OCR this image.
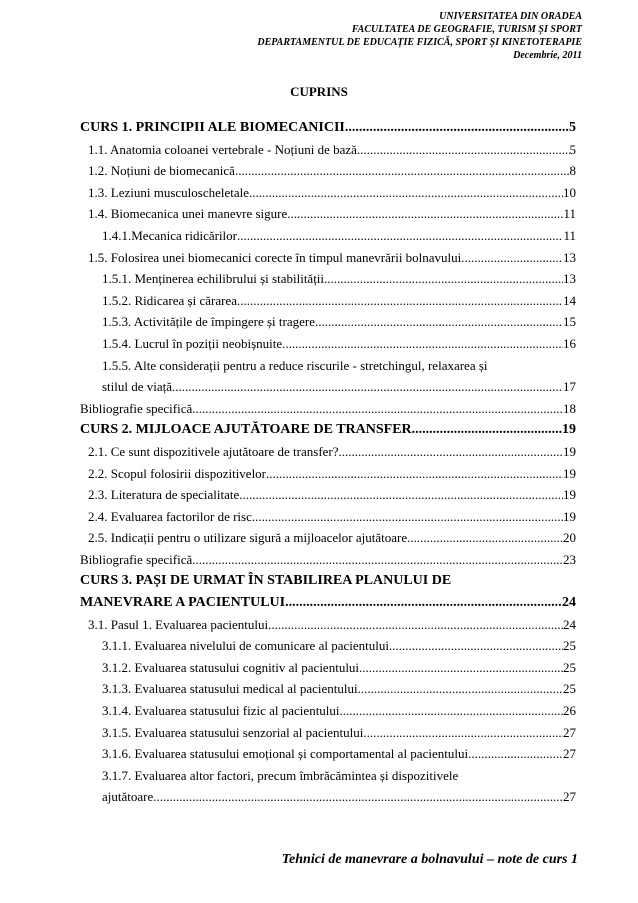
UNIVERSITATEA DIN ORADEA
FACULTATEA DE GEOGRAFIE, TURISM ȘI SPORT
DEPARTAMENTUL DE EDUCAȚIE FIZICĂ, SPORT ȘI KINETOTERAPIE
Decembrie, 2011
CUPRINS
CURS 1. PRINCIPII ALE BIOMECANICII .....	5
1.1. Anatomia coloanei vertebrale - Noțiuni de bază .....	5
1.2. Noțiuni de biomecanică .....	8
1.3. Leziuni musculoscheletale .....	10
1.4. Biomecanica unei manevre sigure .....	11
1.4.1.Mecanica ridicărilor .....	11
1.5. Folosirea unei biomecanici corecte în timpul manevrării bolnavului .....	13
1.5.1. Menținerea echilibrului și stabilității .....	13
1.5.2. Ridicarea și cărarea .....	14
1.5.3. Activitățile de împingere și tragere .....	15
1.5.4. Lucrul în poziții neobișnuite .....	16
1.5.5. Alte considerații pentru a reduce riscurile - stretchingul, relaxarea și
stilul de viață .....	17
Bibliografie specifică .....	18
CURS 2. MIJLOACE AJUTĂTOARE DE TRANSFER .....	19
2.1. Ce sunt dispozitivele ajutătoare de transfer? .....	19
2.2. Scopul folosirii dispozitivelor .....	19
2.3. Literatura de specialitate .....	19
2.4. Evaluarea factorilor de risc .....	19
2.5. Indicații pentru o utilizare sigură a mijloacelor ajutătoare .....	20
Bibliografie specifică .....	23
CURS 3. PAȘI DE URMAT ÎN STABILIREA PLANULUI DE
MANEVRARE A PACIENTULUI .....	24
3.1. Pasul 1. Evaluarea pacientului .....	24
3.1.1. Evaluarea nivelului de comunicare al pacientului .....	25
3.1.2. Evaluarea statusului cognitiv al pacientului .....	25
3.1.3. Evaluarea statusului medical al pacientului .....	25
3.1.4. Evaluarea statusului fizic al pacientului .....	26
3.1.5. Evaluarea statusului senzorial al pacientului .....	27
3.1.6. Evaluarea statusului emoțional și comportamental al pacientului .....	27
3.1.7. Evaluarea altor factori, precum îmbrăcămintea și dispozitivele
ajutătoare .....	27
Tehnici de manevrare a bolnavului – note de curs 1
